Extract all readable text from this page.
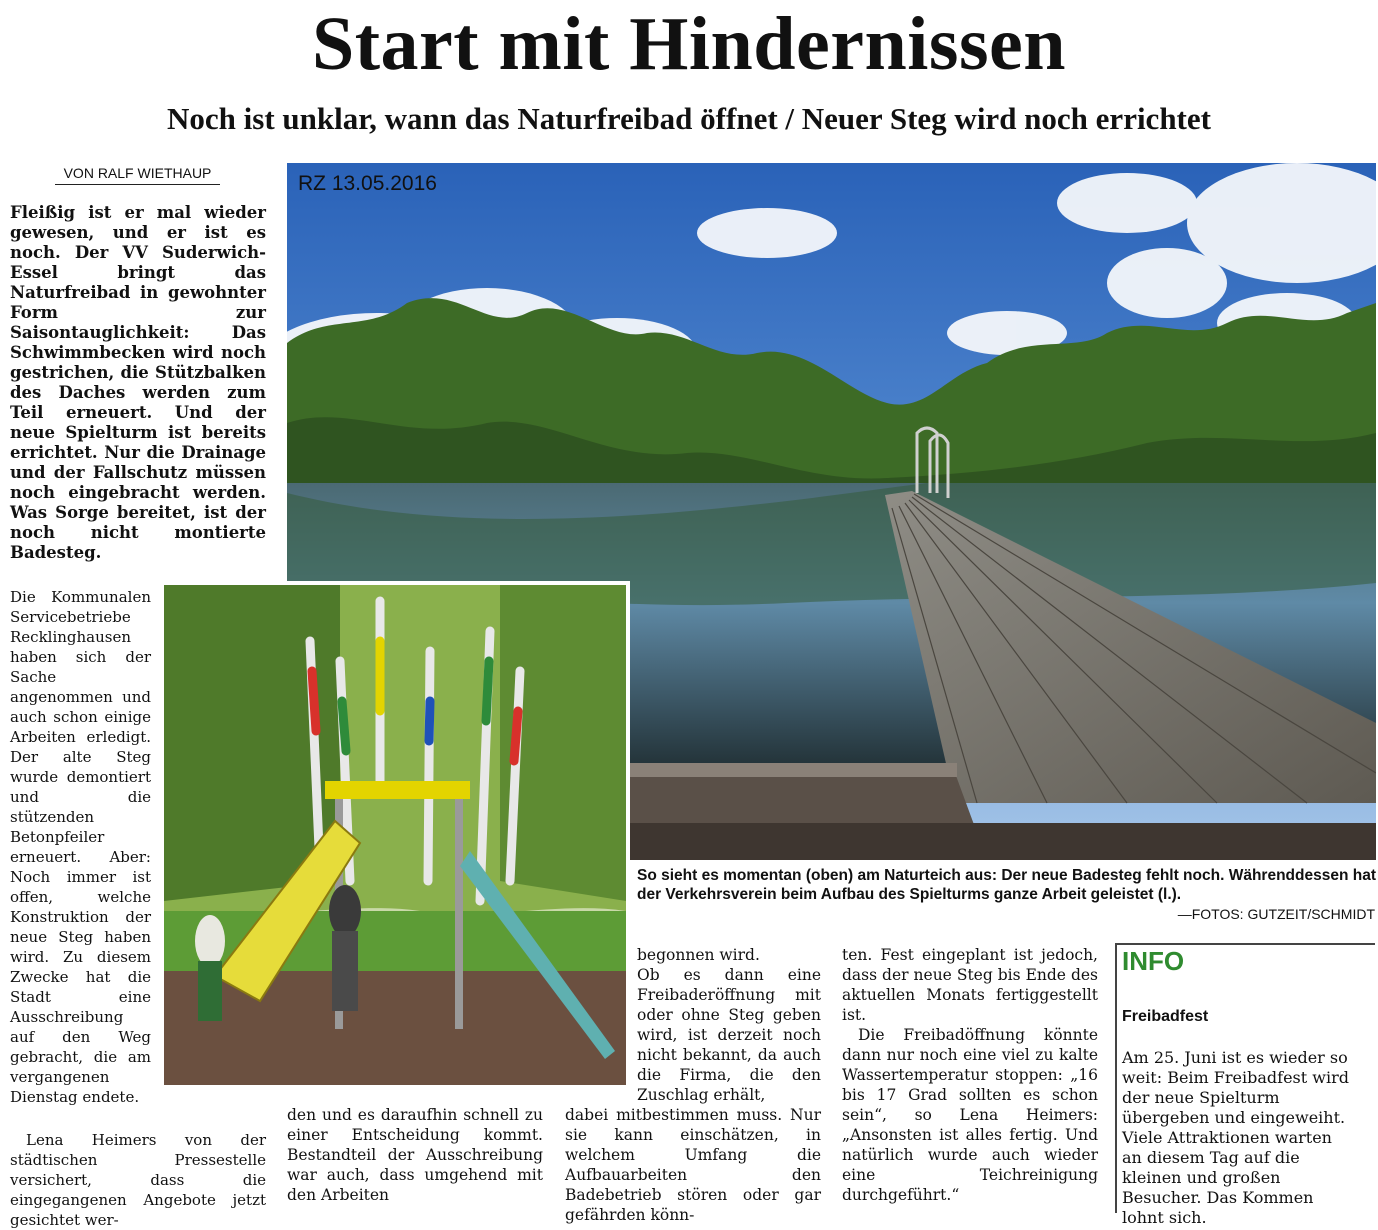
Start mit Hindernissen
Noch ist unklar, wann das Naturfreibad öffnet / Neuer Steg wird noch errichtet
VON RALF WIETHAUP	RZ 13.05.2016
Fleißig ist er mal wieder gewesen, und er ist es noch. Der VV Suderwich-Essel bringt das Naturfreibad in gewohnter Form zur Saisontauglichkeit: Das Schwimmbecken wird noch gestrichen, die Stützbalken des Daches werden zum Teil erneuert. Und der neue Spielturm ist bereits errichtet. Nur die Drainage und der Fallschutz müssen noch eingebracht werden. Was Sorge bereitet, ist der noch nicht montierte Badesteg.
Die Kommunalen Servicebetriebe Recklinghausen haben sich der Sache angenommen und auch schon einige Arbeiten erledigt. Der alte Steg wurde demontiert und die stützenden Betonpfeiler erneuert. Aber: Noch immer ist offen, welche Konstruktion der neue Steg haben wird. Zu diesem Zwecke hat die Stadt eine Ausschreibung auf den Weg gebracht, die am vergangenen Dienstag endete.

Lena Heimers von der städtischen Pressestelle versichert, dass die eingegangenen Angebote jetzt gesichtet wer-

den und es daraufhin schnell zu einer Entscheidung kommt. Bestandteil der Ausschreibung war auch, dass umgehend mit den Arbeiten
dabei mitbestimmen muss. Nur sie kann einschätzen, in welchem Umfang die Aufbauarbeiten den Badebetrieb stören oder gar gefährden könn-

begonnen wird.

Ob es dann eine Freibaderöffnung mit oder ohne Steg geben wird, ist derzeit noch nicht bekannt, da auch die Firma, die den Zuschlag erhält,

ten. Fest eingeplant ist jedoch, dass der neue Steg bis Ende des aktuellen Monats fertiggestellt ist.

Die Freibadöffnung könnte dann nur noch eine viel zu kalte Wassertemperatur stoppen: „16 bis 17 Grad sollten es schon sein“, so Lena Heimers: „Ansonsten ist alles fertig. Und natürlich wurde auch wieder eine Teichreinigung durchgeführt.“

So sieht es momentan (oben) am Naturteich aus: Der neue Badesteg fehlt noch. Währenddessen hat der Verkehrsverein beim Aufbau des Spielturms ganze Arbeit geleistet (l.).
—FOTOS: GUTZEIT/SCHMIDT
INFO
Freibadfest
Am 25. Juni ist es wieder so weit: Beim Freibadfest wird der neue Spielturm übergeben und eingeweiht. Viele Attraktionen warten an diesem Tag auf die kleinen und großen Besucher. Das Kommen lohnt sich.
